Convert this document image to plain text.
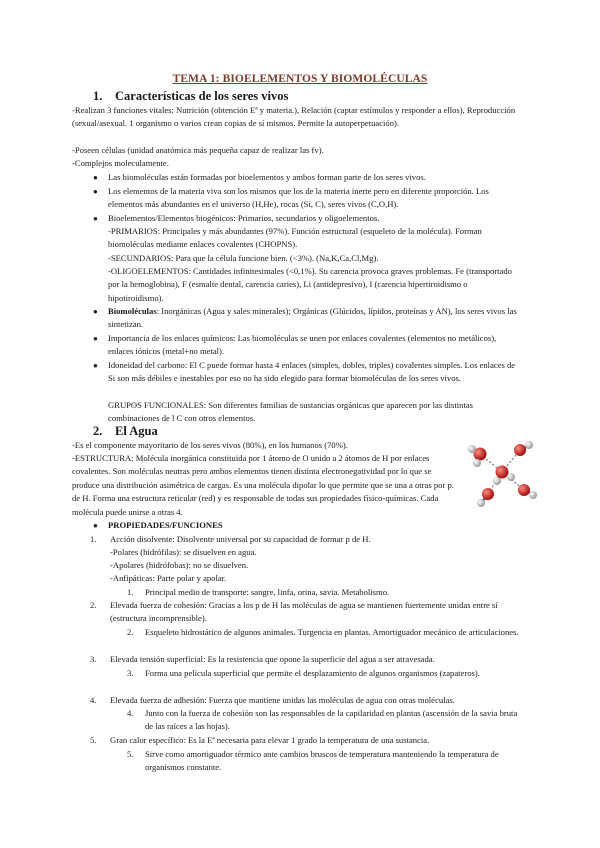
TEMA 1: BIOELEMENTOS Y BIOMOLÉCULAS
1. Características de los seres vivos
-Realizan 3 funciones vitales: Nutrición (obtención Eª y materia.), Relación (captar estímulos y responder a ellos), Reproducción (sexual/asexual. 1 organismo o varios crean copias de sí mismos. Permite la autoperpetuación).
-Poseen células (unidad anatómica más pequeña capaz de realizar las fv).
-Complejos moleculamente.
● Las biomoléculas están formadas por bioelementos y ambos forman parte de los seres vivos.
● Los elementos de la materia viva son los mismos que los de la materia inerte pero en diferente proporción. Los elementos más abundantes en el universo (H,He), rocas (Si, C), seres vivos (C,O,H).
● Bioelementos/Elementos biogénicos: Primarios, secundarios y oligoelementos.
-PRIMARIOS: Principales y más abundantes (97%). Función estructural (esqueleto de la molécula). Forman biomoléculas mediante enlaces covalentes (CHOPNS).
-SECUNDARIOS: Para que la célula funcione bien. (<3%). (Na,K,Ca,Cl,Mg).
-OLIGOELEMENTOS: Cantidades infinitesimales (<0,1%). Su carencia provoca graves problemas. Fe (transportado por la hemoglobina), F (esmalte dental, carencia caries), Li (antidepresivo), I (carencia hipertiroidismo o hipotiroidismo).
● Biomoléculas: Inorgánicas (Agua y sales minerales); Orgánicas (Glúcidos, lípidos, proteínas y AN), los seres vivos las sintetizan.
● Importancia de los enlaces químicos: Las biomoléculas se unen por enlaces covalentes (elementos no metálicos), enlaces iónicos (metal+no metal).
● Idoneidad del carbono: El C puede formar hasta 4 enlaces (simples, dobles, triples) covalentes simples. Los enlaces de Si son más débiles e inestables por eso no ha sido elegido para formar biomoléculas de los seres vivos.
GRUPOS FUNCIONALES: Son diferentes familias de sustancias orgánicas que aparecen por las distintas combinaciones de l C con otros elementos.
2. El Agua
-Es el componente mayoritario de los seres vivos (80%), en los humanos (70%).
-ESTRUCTURA: Molécula inorgánica constituida por 1 átomo de O unido a 2 átomos de H por enlaces covalentes. Son moléculas neutras pero ambos elementos tienen distinta electronegatividad por lo que se produce una distribución asimétrica de cargas. Es una molécula dipolar lo que permite que se una a otras por p. de H. Forma una estructura reticular (red) y es responsable de todas sus propiedades físico-químicas. Cada molécula puede unirse a otras 4.
● PROPIEDADES/FUNCIONES
1. Acción disolvente: Disolvente universal por su capacidad de formar p de H.
-Polares (hidrófilas): se disuelven en agua.
-Apolares (hidrófobas): no se disuelven.
-Anfipáticas: Parte polar y apolar.
1. Principal medio de transporte: sangre, linfa, orina, savia. Metabolismo.
2. Elevada fuerza de cohesión: Gracias a los p de H las moléculas de agua se mantienen fuertemente unidas entre sí (estructura incomprensible).
2. Esqueleto hidrostático de algunos animales. Turgencia en plantas. Amortiguador mecánico de articulaciones.
3. Elevada tensión superficial: Es la resistencia que opone la superficie del agua a ser atravesada.
3. Forma una película superficial que permite el desplazamiento de algunos organismos (zapateros).
4. Elevada fuerza de adhesión: Fuerza que mantiene unidas las moléculas de agua con otras moléculas.
4. Junto con la fuerza de cohesión son las responsables de la capilaridad en plantas (ascensión de la savia bruta de las raíces a las hojas).
5. Gran calor específico: Es la Eª necesaria para elevar 1 grado la temperatura de una sustancia.
5. Sirve como amortiguador térmico ante cambios bruscos de temperatura manteniendo la temperatura de organismos constante.
